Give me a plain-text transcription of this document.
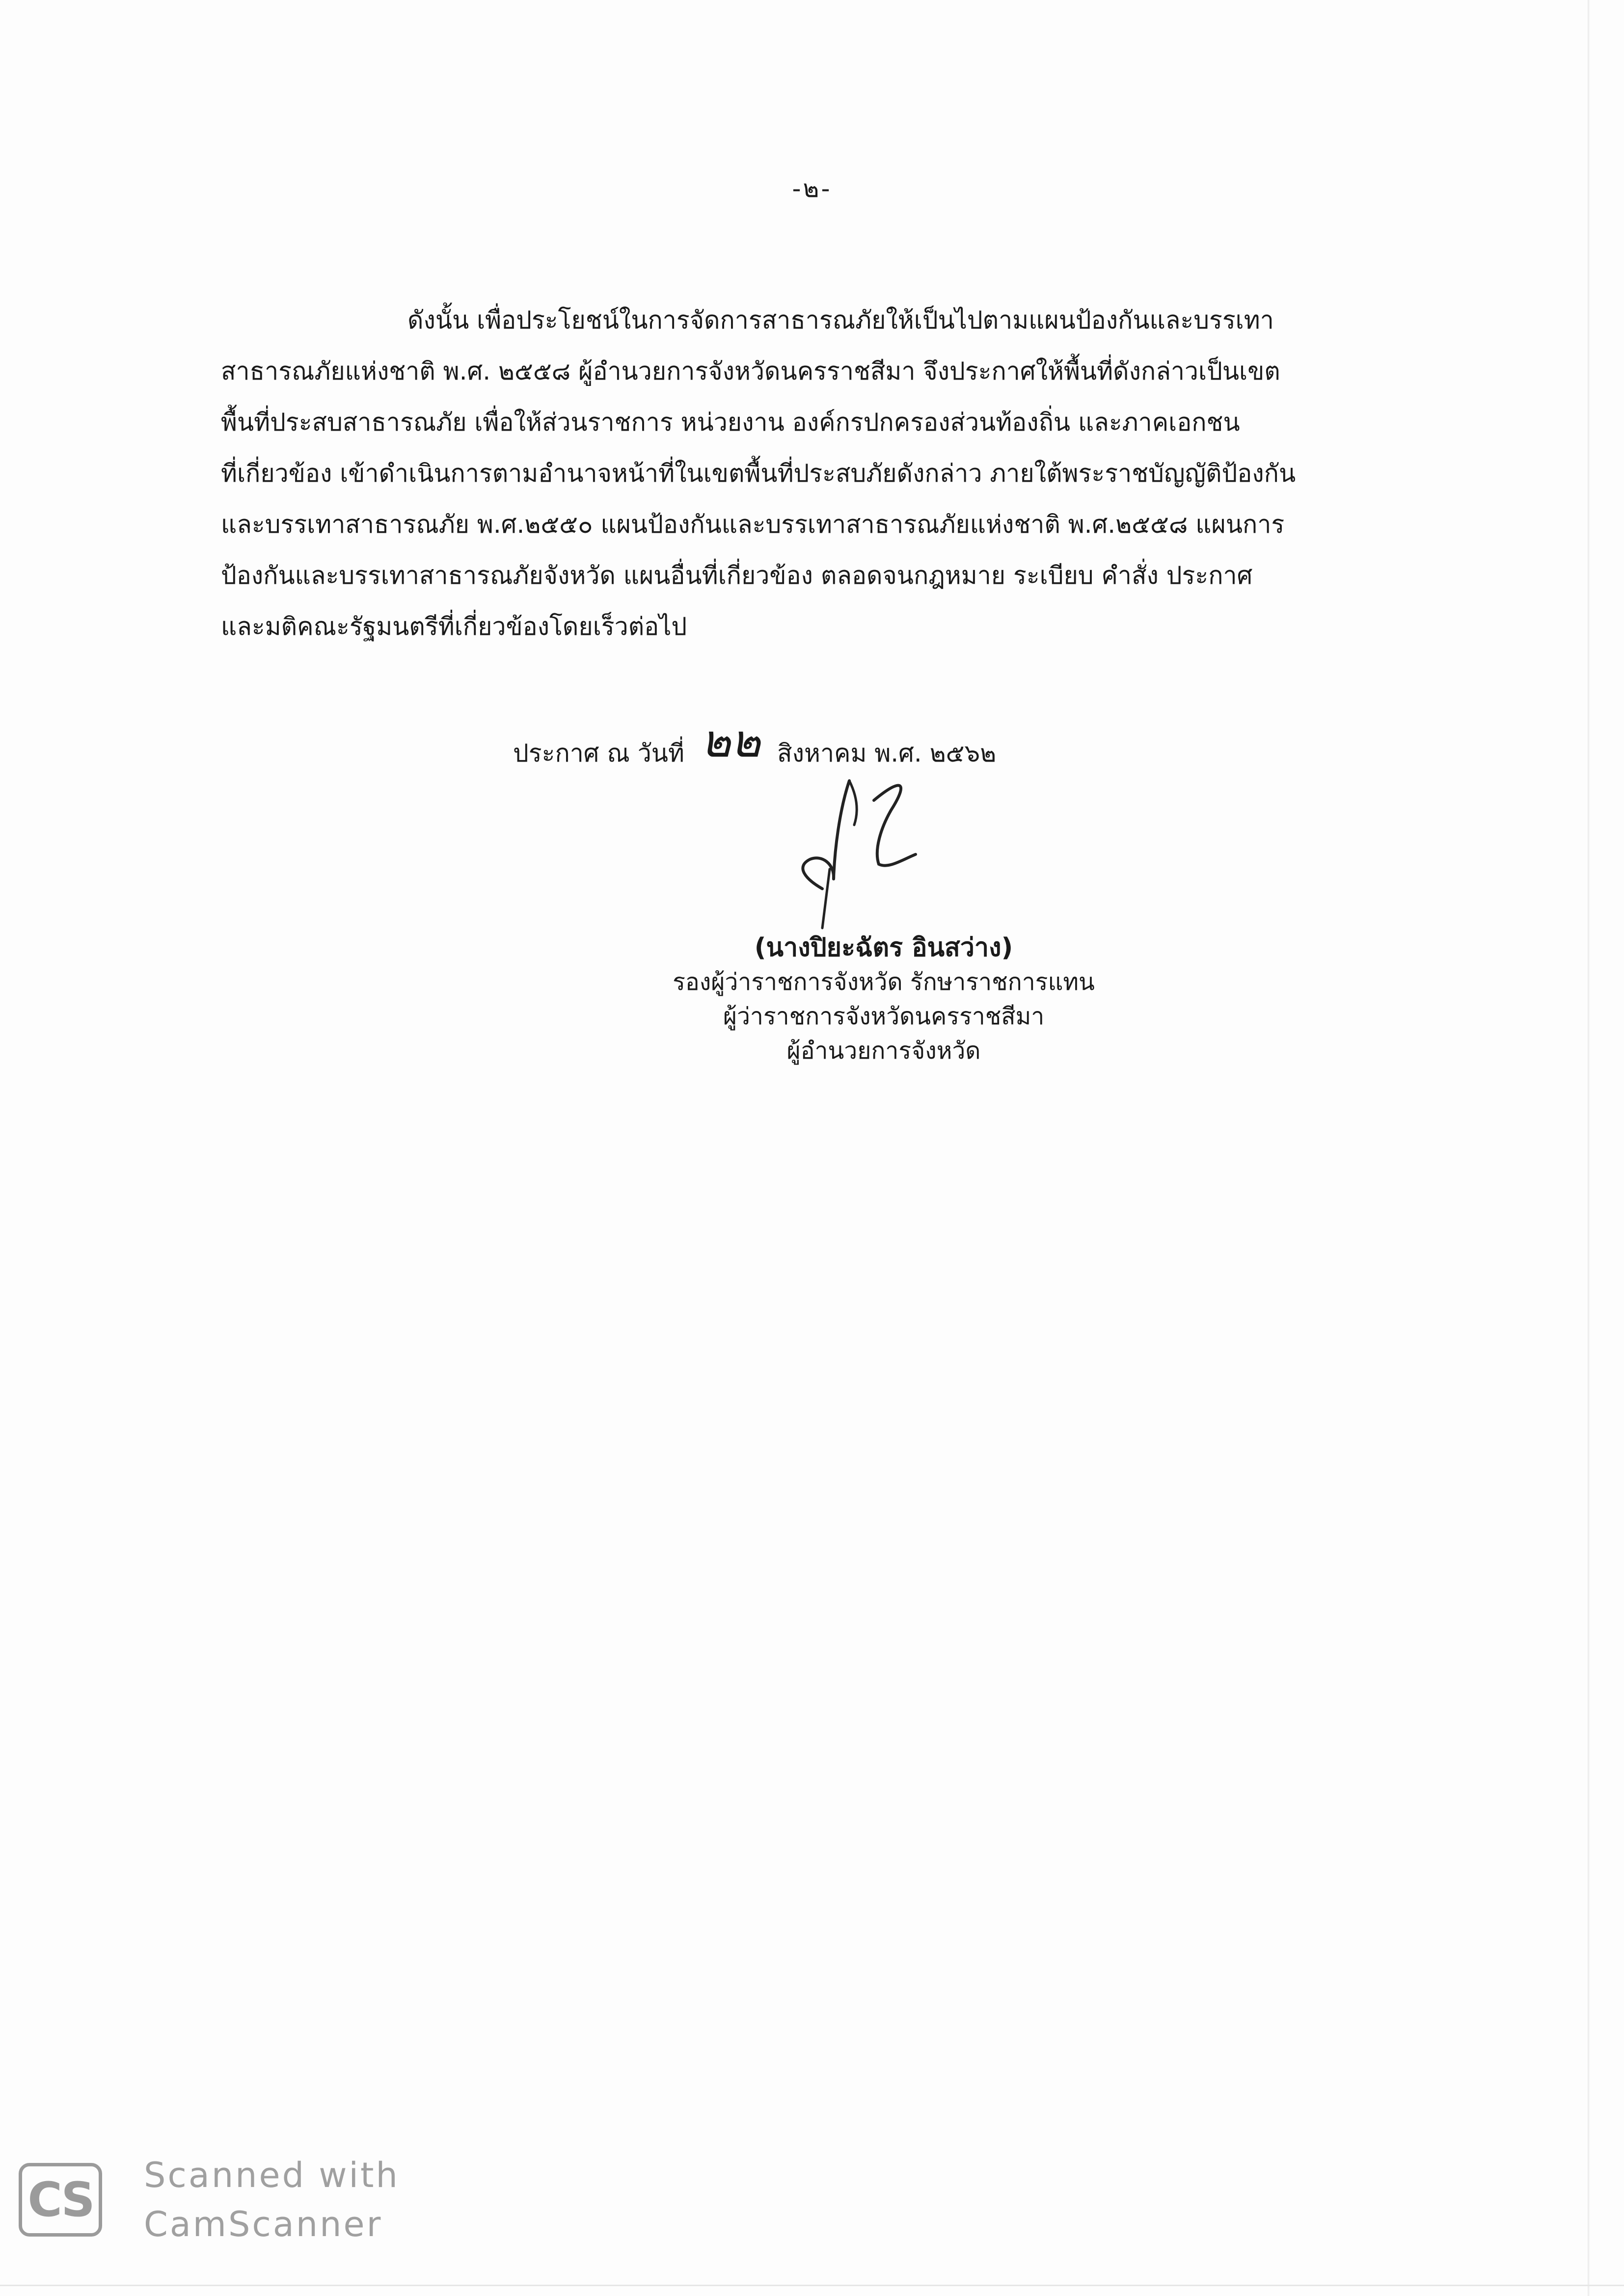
-๒-
ดังนั้น เพื่อประโยชน์ในการจัดการสาธารณภัยให้เป็นไปตามแผนป้องกันและบรรเทา
สาธารณภัยแห่งชาติ พ.ศ. ๒๕๕๘ ผู้อำนวยการจังหวัดนครราชสีมา จึงประกาศให้พื้นที่ดังกล่าวเป็นเขต
พื้นที่ประสบสาธารณภัย เพื่อให้ส่วนราชการ หน่วยงาน องค์กรปกครองส่วนท้องถิ่น และภาคเอกชน
ที่เกี่ยวข้อง เข้าดำเนินการตามอำนาจหน้าที่ในเขตพื้นที่ประสบภัยดังกล่าว ภายใต้พระราชบัญญัติป้องกัน
และบรรเทาสาธารณภัย พ.ศ.๒๕๕๐ แผนป้องกันและบรรเทาสาธารณภัยแห่งชาติ พ.ศ.๒๕๕๘ แผนการ
ป้องกันและบรรเทาสาธารณภัยจังหวัด แผนอื่นที่เกี่ยวข้อง ตลอดจนกฎหมาย ระเบียบ คำสั่ง ประกาศ
และมติคณะรัฐมนตรีที่เกี่ยวข้องโดยเร็วต่อไป
ประกาศ ณ วันที่ ๒๒ สิงหาคม พ.ศ. ๒๕๖๒
(นางปิยะฉัตร อินสว่าง)
รองผู้ว่าราชการจังหวัด รักษาราชการแทน
ผู้ว่าราชการจังหวัดนครราชสีมา
ผู้อำนวยการจังหวัด
CS Scanned with
CamScanner
